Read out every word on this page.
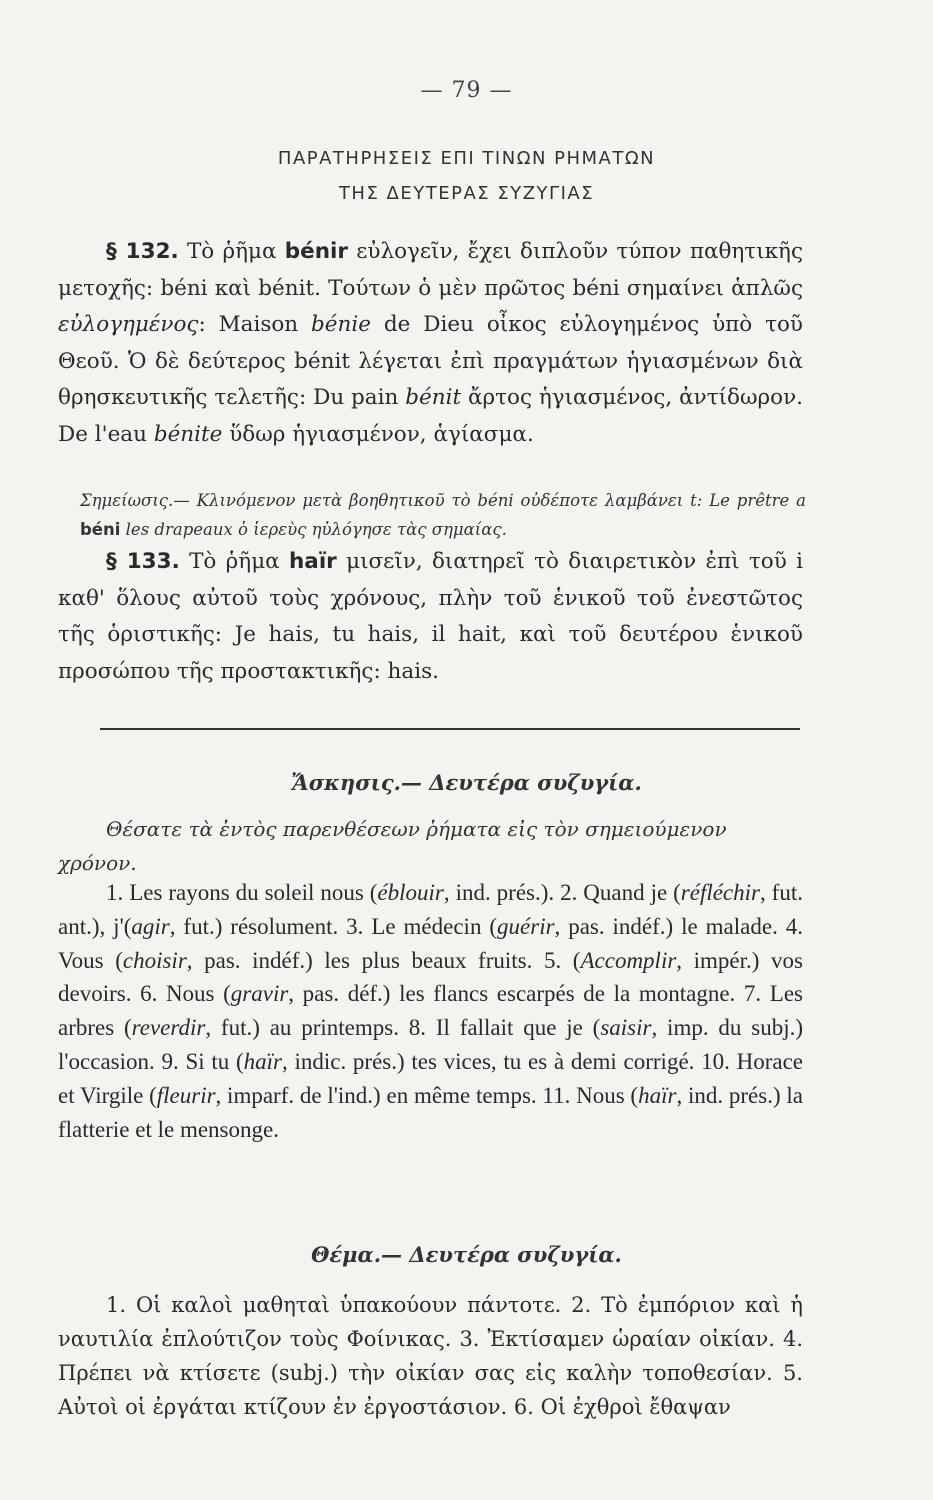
— 79 —
ΠΑΡΑΤΗΡΗΣΕΙΣ ΕΠΙ ΤΙΝΩΝ ΡΗΜΑΤΩΝ
ΤΗΣ ΔΕΥΤΕΡΑΣ ΣΥΖΥΓΙΑΣ

§ 132. Τὸ ῥῆμα bénir εὐλογεῖν, ἔχει διπλοῦν τύπον παθητικῆς μετοχῆς: béni καὶ bénit. Τούτων ὁ μὲν πρῶτος béni σημαίνει ἁπλῶς εὐλογημένος: Maison bénie de Dieu οἶκος εὐλογημένος ὑπὸ τοῦ Θεοῦ. Ὁ δὲ δεύτερος bénit λέγεται ἐπὶ πραγμάτων ἡγιασμένων διὰ θρησκευτικῆς τελετῆς: Du pain bénit ἄρτος ἡγιασμένος, ἀντίδωρον. De l'eau bénite ὕδωρ ἡγιασμένον, ἁγίασμα.

Σημείωσις.— Κλινόμενον μετὰ βοηθητικοῦ τὸ béni οὐδέποτε λαμβάνει t: Le prêtre a béni les drapeaux ὁ ἱερεὺς ηὐλόγησε τὰς σημαίας.

§ 133. Τὸ ῥῆμα haïr μισεῖν, διατηρεῖ τὸ διαιρετικὸν ἐπὶ τοῦ i καθ' ὅλους αὐτοῦ τοὺς χρόνους, πλὴν τοῦ ἑνικοῦ τοῦ ἐνεστῶτος τῆς ὁριστικῆς: Je hais, tu hais, il hait, καὶ τοῦ δευτέρου ἑνικοῦ προσώπου τῆς προστακτικῆς: hais.

Ἄσκησις.— Δευτέρα συζυγία.

Θέσατε τὰ ἐντὸς παρενθέσεων ῥήματα εἰς τὸν σημειούμενον χρόνον.

1. Les rayons du soleil nous (éblouir, ind. prés.). 2. Quand je (réfléchir, fut. ant.), j'(agir, fut.) résolument. 3. Le médecin (guérir, pas. indéf.) le malade. 4. Vous (choisir, pas. indéf.) les plus beaux fruits. 5. (Accomplir, impér.) vos devoirs. 6. Nous (gravir, pas. déf.) les flancs escarpés de la montagne. 7. Les arbres (reverdir, fut.) au printemps. 8. Il fallait que je (saisir, imp. du subj.) l'occasion. 9. Si tu (haïr, indic. prés.) tes vices, tu es à demi corrigé. 10. Horace et Virgile (fleurir, imparf. de l'ind.) en même temps. 11. Nous (haïr, ind. prés.) la flatterie et le mensonge.

Θέμα.— Δευτέρα συζυγία.

1. Οἱ καλοὶ μαθηταὶ ὑπακούουν πάντοτε. 2. Τὸ ἐμπόριον καὶ ἡ ναυτιλία ἐπλούτιζον τοὺς Φοίνικας. 3. Ἐκτίσαμεν ὡραίαν οἰκίαν. 4. Πρέπει νὰ κτίσετε (subj.) τὴν οἰκίαν σας εἰς καλὴν τοποθεσίαν. 5. Αὐτοὶ οἱ ἐργάται κτίζουν ἐν ἐργοστάσιον. 6. Οἱ ἐχθροὶ ἔθαψαν
